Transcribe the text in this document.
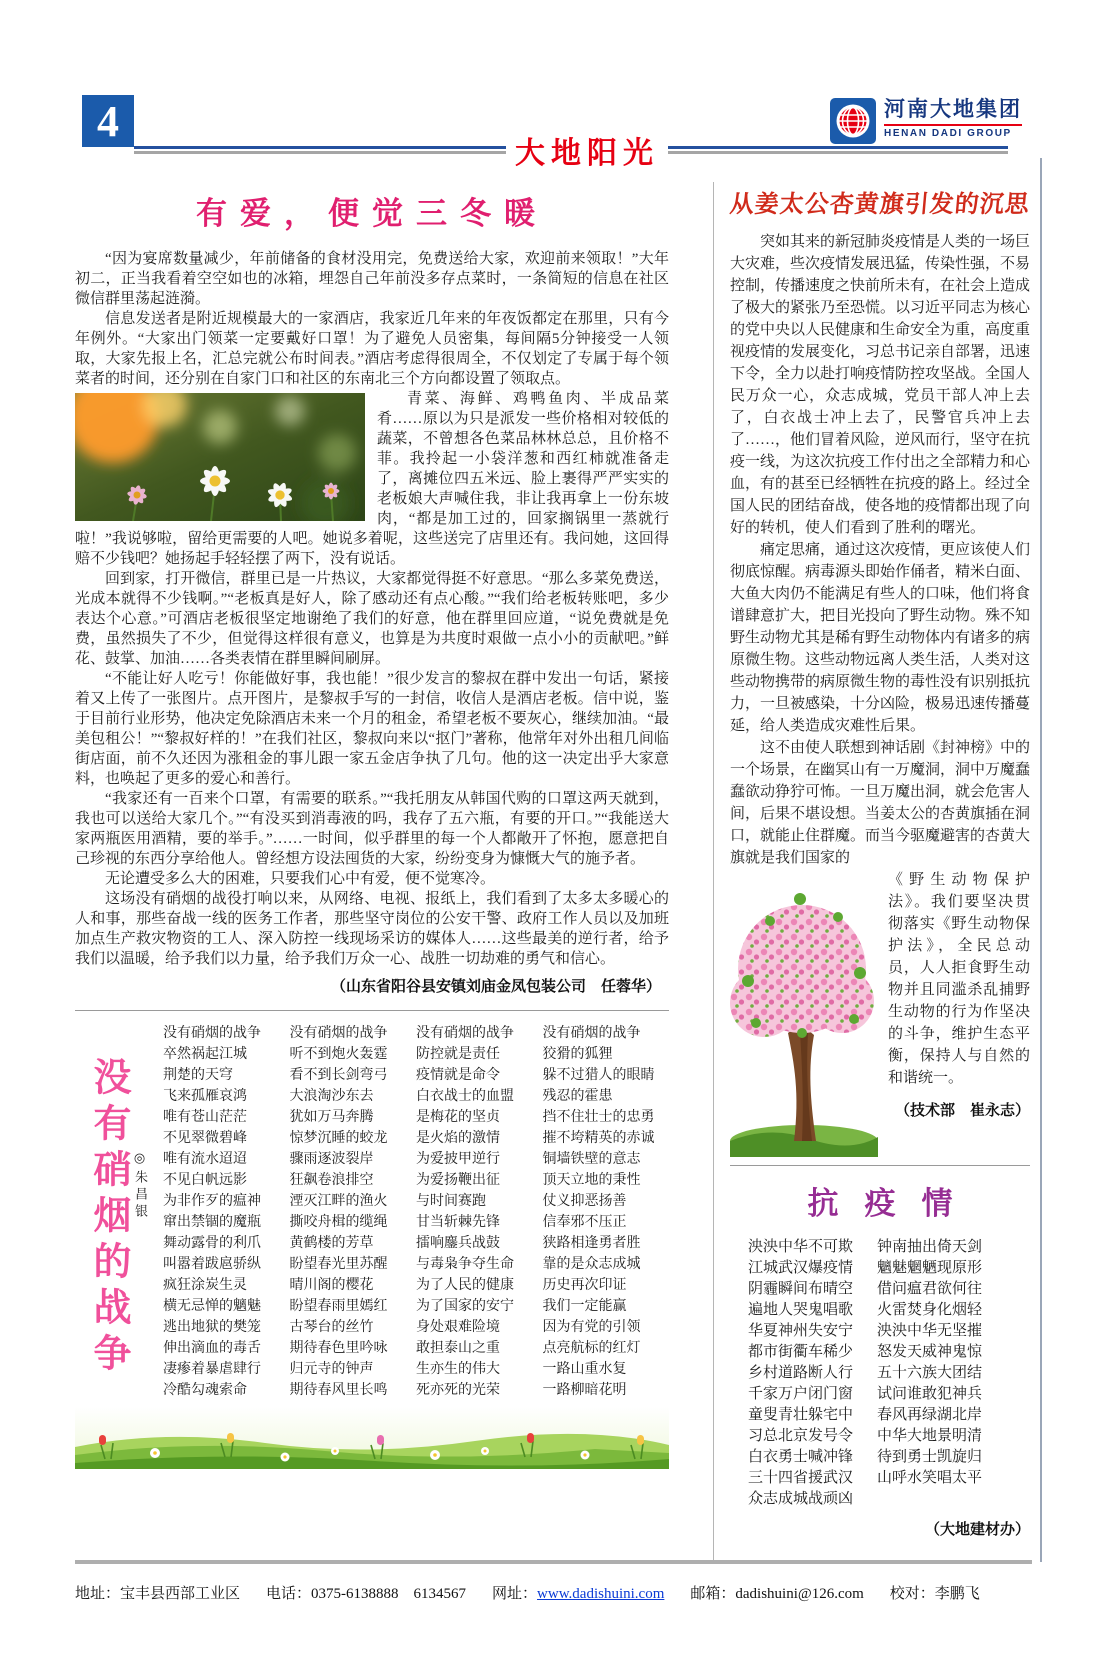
4
大地阳光
河南大地集团
HENAN DADI GROUP
有爱，便觉三冬暖

“因为宴席数量减少，年前储备的食材没用完，免费送给大家，欢迎前来领取！”大年初二，正当我看着空空如也的冰箱，埋怨自己年前没多存点菜时，一条简短的信息在社区微信群里荡起涟漪。

信息发送者是附近规模最大的一家酒店，我家近几年来的年夜饭都定在那里，只有今年例外。“大家出门领菜一定要戴好口罩！为了避免人员密集，每间隔5分钟接受一人领取，大家先报上名，汇总完就公布时间表。”酒店考虑得很周全，不仅划定了专属于每个领菜者的时间，还分别在自家门口和社区的东南北三个方向都设置了领取点。

青菜、海鲜、鸡鸭鱼肉、半成品菜肴……原以为只是派发一些价格相对较低的蔬菜，不曾想各色菜品林林总总，且价格不菲。我拎起一小袋洋葱和西红柿就准备走了，离摊位四五米远、脸上裹得严严实实的老板娘大声喊住我，非让我再拿上一份东坡肉，“都是加工过的，回家搁锅里一蒸就行啦！”我说够啦，留给更需要的人吧。她说多着呢，这些送完了店里还有。我问她，这回得赔不少钱吧？她扬起手轻轻摆了两下，没有说话。

回到家，打开微信，群里已是一片热议，大家都觉得挺不好意思。“那么多菜免费送，光成本就得不少钱啊。”“老板真是好人，除了感动还有点心酸。”“我们给老板转账吧，多少表达个心意。”可酒店老板很坚定地谢绝了我们的好意，他在群里回应道，“说免费就是免费，虽然损失了不少，但觉得这样很有意义，也算是为共度时艰做一点小小的贡献吧。”鲜花、鼓掌、加油……各类表情在群里瞬间刷屏。

“不能让好人吃亏！你能做好事，我也能！”很少发言的黎叔在群中发出一句话，紧接着又上传了一张图片。点开图片，是黎叔手写的一封信，收信人是酒店老板。信中说，鉴于目前行业形势，他决定免除酒店未来一个月的租金，希望老板不要灰心，继续加油。“最美包租公！”“黎叔好样的！”在我们社区，黎叔向来以“抠门”著称，他常年对外出租几间临街店面，前不久还因为涨租金的事儿跟一家五金店争执了几句。他的这一决定出乎大家意料，也唤起了更多的爱心和善行。

“我家还有一百来个口罩，有需要的联系。”“我托朋友从韩国代购的口罩这两天就到，我也可以送给大家几个。”“有没买到消毒液的吗，我存了五六瓶，有要的开口。”“我能送大家两瓶医用酒精，要的举手。”……一时间，似乎群里的每一个人都敞开了怀抱，愿意把自己珍视的东西分享给他人。曾经想方设法囤货的大家，纷纷变身为慷慨大气的施予者。

无论遭受多么大的困难，只要我们心中有爱，便不觉寒冷。

这场没有硝烟的战役打响以来，从网络、电视、报纸上，我们看到了太多太多暖心的人和事，那些奋战一线的医务工作者，那些坚守岗位的公安干警、政府工作人员以及加班加点生产救灾物资的工人、深入防控一线现场采访的媒体人……这些最美的逆行者，给予我们以温暖，给予我们以力量，给予我们万众一心、战胜一切劫难的勇气和信心。

（山东省阳谷县安镇刘庙金凤包装公司　任蓉华）
没有硝烟的战争 ◎朱昌银
没有硝烟的战争
卒然祸起江城
荆楚的天穹
飞来孤雁哀鸿
唯有苍山茫茫
不见翠微碧峰
唯有流水迢迢
不见白帆远影
为非作歹的瘟神
窜出禁锢的魔瓶
舞动露骨的利爪
叫嚣着跋扈骄纵
疯狂涂炭生灵
横无忌惮的魑魅
逃出地狱的樊笼
伸出滴血的毒舌
凄瘆着暴虐肆行
冷酷勾魂索命
没有硝烟的战争
听不到炮火轰霆
看不到长剑弯弓
大浪淘沙东去
犹如万马奔腾
惊梦沉睡的蛟龙
骤雨逐波裂岸
狂飙卷浪排空
湮灭江畔的渔火
撕咬舟楫的缆绳
黄鹤楼的芳草
盼望春光里苏醒
晴川阁的樱花
盼望春雨里嫣红
古琴台的丝竹
期待春色里吟咏
归元寺的钟声
期待春风里长鸣
没有硝烟的战争
防控就是责任
疫情就是命令
白衣战士的血盟
是梅花的坚贞
是火焰的激情
为爱披甲逆行
为爱扬鞭出征
与时间赛跑
甘当斩棘先锋
擂响鏖兵战鼓
与毒枭争夺生命
为了人民的健康
为了国家的安宁
身处艰难险境
敢担泰山之重
生亦生的伟大
死亦死的光荣
没有硝烟的战争
狡猾的狐狸
躲不过猎人的眼睛
残忍的霍患
挡不住壮士的忠勇
摧不垮精英的赤诚
铜墙铁壁的意志
顶天立地的秉性
仗义抑恶扬善
信奉邪不压正
狭路相逢勇者胜
靠的是众志成城
历史再次印证
我们一定能赢
因为有党的引领
点亮航标的红灯
一路山重水复
一路柳暗花明
从姜太公杏黄旗引发的沉思

突如其来的新冠肺炎疫情是人类的一场巨大灾难，些次疫情发展迅猛，传染性强，不易控制，传播速度之快前所未有，在社会上造成了极大的紧张乃至恐慌。以习近平同志为核心的党中央以人民健康和生命安全为重，高度重视疫情的发展变化，习总书记亲自部署，迅速下令，全力以赴打响疫情防控攻坚战。全国人民万众一心，众志成城，党员干部人冲上去了，白衣战士冲上去了，民警官兵冲上去了……，他们冒着风险，逆风而行，坚守在抗疫一线，为这次抗疫工作付出之全部精力和心血，有的甚至已经牺牲在抗疫的路上。经过全国人民的团结奋战，使各地的疫情都出现了向好的转机，使人们看到了胜利的曙光。

痛定思痛，通过这次疫情，更应该使人们彻底惊醒。病毒源头即始作俑者，精米白面、大鱼大肉仍不能满足有些人的口味，他们将食谱肆意扩大，把目光投向了野生动物。殊不知野生动物尤其是稀有野生动物体内有诸多的病原微生物。这些动物远离人类生活，人类对这些动物携带的病原微生物的毒性没有识别抵抗力，一旦被感染，十分凶险，极易迅速传播蔓延，给人类造成灾难性后果。

这不由使人联想到神话剧《封神榜》中的一个场景，在幽冥山有一万魔洞，洞中万魔蠢蠢欲动狰狞可怖。一旦万魔出洞，就会危害人间，后果不堪设想。当姜太公的杏黄旗插在洞口，就能止住群魔。而当今驱魔避害的杏黄大旗就是我们国家的

《野生动物保护法》。我们要坚决贯彻落实《野生动物保护法》，全民总动员，人人拒食野生动物并且同滥杀乱捕野生动物的行为作坚决的斗争，维护生态平衡，保持人与自然的和谐统一。

（技术部　崔永志）
抗疫情
泱泱中华不可欺
江城武汉爆疫情
阴霾瞬间布晴空
遍地人哭鬼唱歌
华夏神州失安宁
都市街衢车稀少
乡村道路断人行
千家万户闭门窗
童叟青壮躲宅中
习总北京发号令
白衣勇士喊冲锋
三十四省援武汉
众志成城战顽凶
钟南抽出倚天剑
魑魅魍魉现原形
借问瘟君欲何往
火雷焚身化烟轻
泱泱中华无坚摧
怒发天威神鬼惊
五十六族大团结
试问谁敢犯神兵
春风再绿湖北岸
中华大地景明清
待到勇士凯旋归
山呼水笑唱太平
（大地建材办）
地址：宝丰县西部工业区 电话：0375-6138888　6134567 网址：www.dadishuini.com 邮箱：dadishuini@126.com 校对：李鹏飞
